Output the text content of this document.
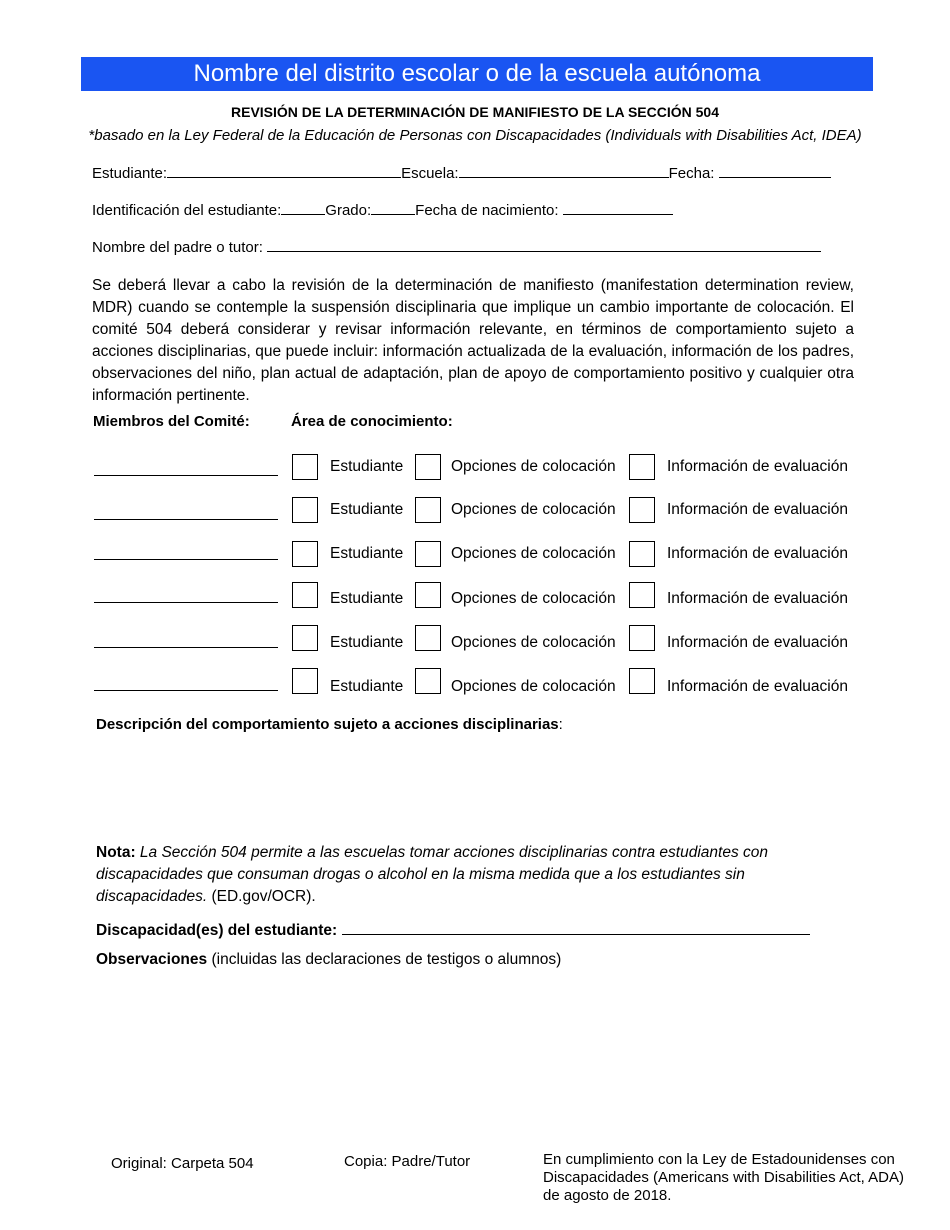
Nombre del distrito escolar o de la escuela autónoma
REVISIÓN DE LA DETERMINACIÓN DE MANIFIESTO DE LA SECCIÓN 504
*basado en la Ley Federal de la Educación de Personas con Discapacidades (Individuals with Disabilities Act, IDEA)
Estudiante:	Escuela:	Fecha:
Identificación del estudiante:	Grado:	Fecha de nacimiento:
Nombre del padre o tutor:
Se deberá llevar a cabo la revisión de la determinación de manifiesto (manifestation determination review, MDR) cuando se contemple la suspensión disciplinaria que implique un cambio importante de colocación. El comité 504 deberá considerar y revisar información relevante, en términos de comportamiento sujeto a acciones disciplinarias, que puede incluir: información actualizada de la evaluación, información de los padres, observaciones del niño, plan actual de adaptación, plan de apoyo de comportamiento positivo y cualquier otra información pertinente.
Miembros del Comité:	Área de conocimiento:
Estudiante	Opciones de colocación	Información de evaluación
Estudiante	Opciones de colocación	Información de evaluación
Estudiante	Opciones de colocación	Información de evaluación
Estudiante	Opciones de colocación	Información de evaluación
Estudiante	Opciones de colocación	Información de evaluación
Estudiante	Opciones de colocación	Información de evaluación
Descripción del comportamiento sujeto a acciones disciplinarias:
Nota: La Sección 504 permite a las escuelas tomar acciones disciplinarias contra estudiantes con discapacidades que consuman drogas o alcohol en la misma medida que a los estudiantes sin discapacidades. (ED.gov/OCR).
Discapacidad(es) del estudiante:
Observaciones (incluidas las declaraciones de testigos o alumnos)
Original: Carpeta 504	Copia: Padre/Tutor	En cumplimiento con la Ley de Estadounidenses con Discapacidades (Americans with Disabilities Act, ADA) de agosto de 2018.
